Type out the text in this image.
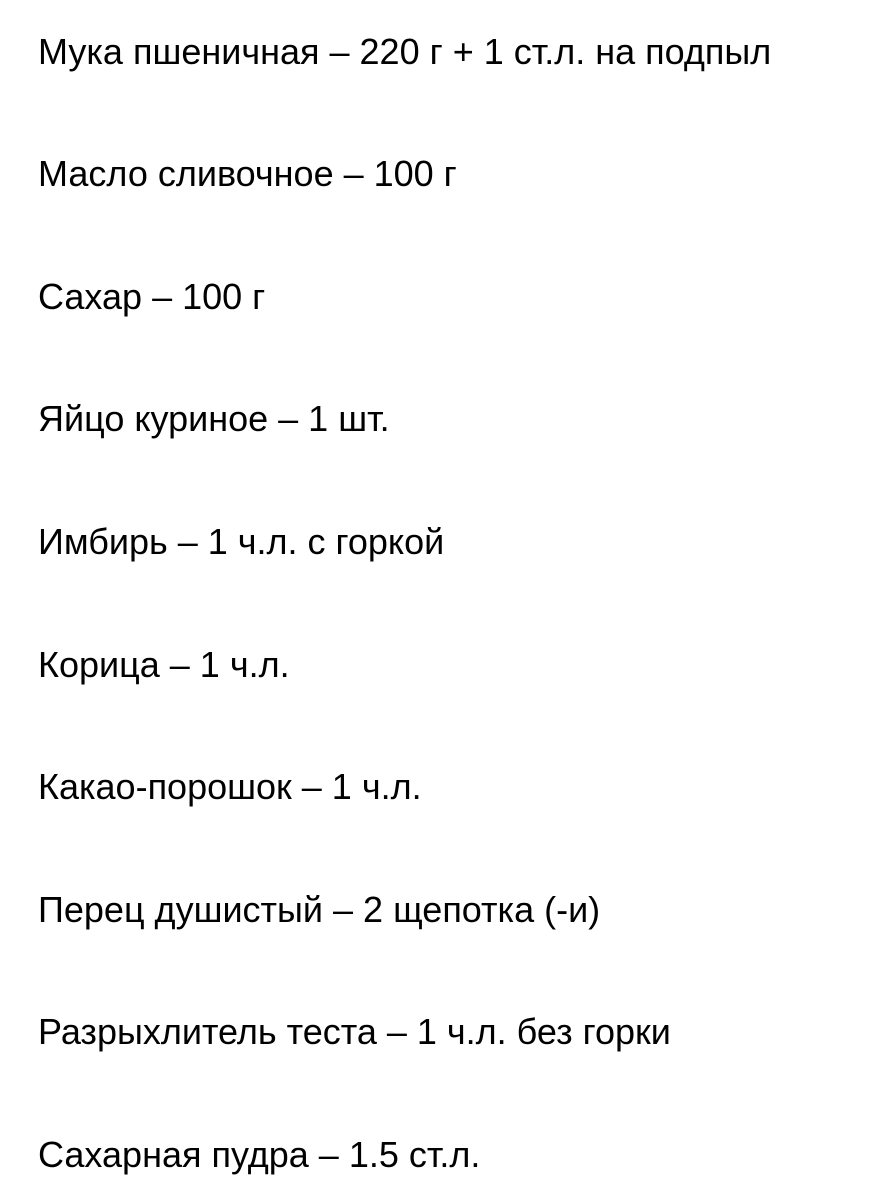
Мука пшеничная – 220 г + 1 ст.л. на подпыл
Масло сливочное – 100 г
Сахар – 100 г
Яйцо куриное – 1 шт.
Имбирь – 1 ч.л. с горкой
Корица – 1 ч.л.
Какао-порошок – 1 ч.л.
Перец душистый – 2 щепотка (-и)
Разрыхлитель теста – 1 ч.л. без горки
Сахарная пудра – 1.5 ст.л.
